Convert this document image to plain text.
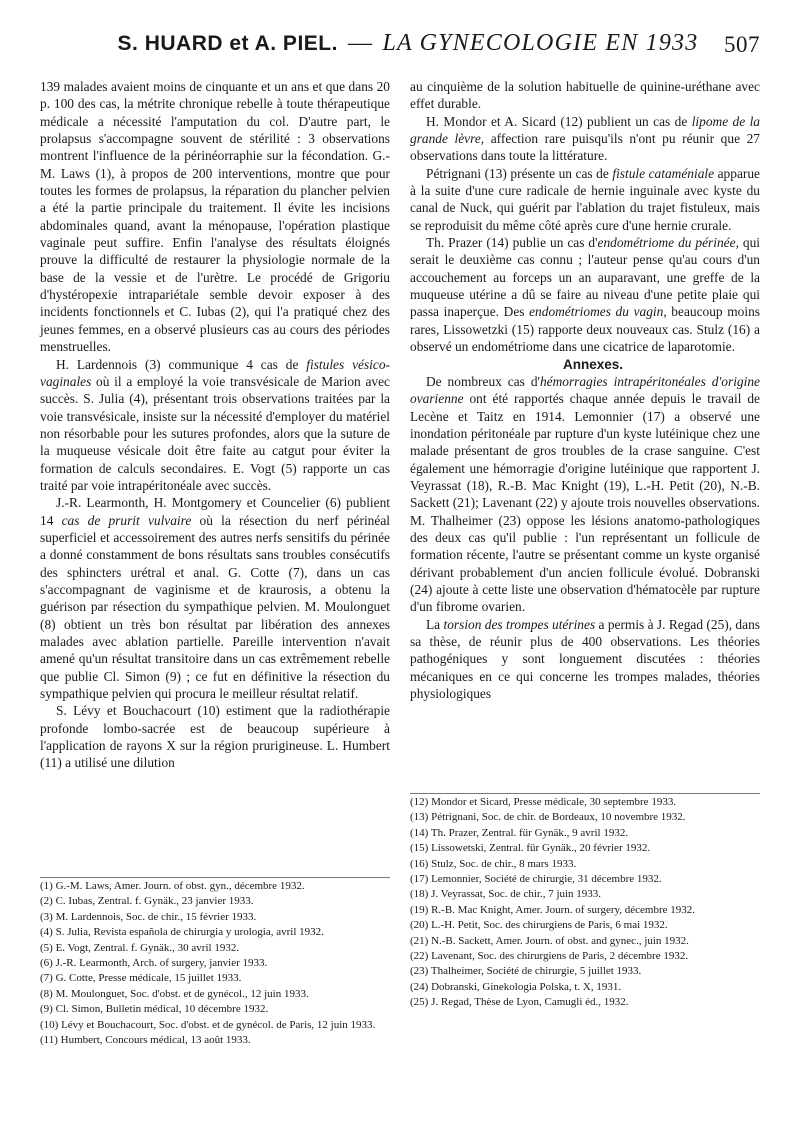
S. HUARD et A. PIEL. — LA GYNECOLOGIE EN 1933 507

139 malades avaient moins de cinquante et un ans et que dans 20 p. 100 des cas, la métrite chronique rebelle à toute thérapeutique médicale a nécessité l'amputation du col. D'autre part, le prolapsus s'accompagne souvent de stérilité : 3 observations montrent l'influence de la périnéorraphie sur la fécondation. G.-M. Laws (1), à propos de 200 interventions, montre que pour toutes les formes de prolapsus, la réparation du plancher pelvien a été la partie principale du traitement. Il évite les incisions abdominales quand, avant la ménopause, l'opération plastique vaginale peut suffire. Enfin l'analyse des résultats éloignés prouve la difficulté de restaurer la physiologie normale de la base de la vessie et de l'urètre. Le procédé de Grigoriu d'hystéropexie intrapariétale semble devoir exposer à des incidents fonctionnels et C. Iubas (2), qui l'a pratiqué chez des jeunes femmes, en a observé plusieurs cas au cours des périodes menstruelles.

H. Lardennois (3) communique 4 cas de fistules vésico-vaginales où il a employé la voie transvésicale de Marion avec succès. S. Julia (4), présentant trois observations traitées par la voie transvésicale, insiste sur la nécessité d'employer du matériel non résorbable pour les sutures profondes, alors que la suture de la muqueuse vésicale doit être faite au catgut pour éviter la formation de calculs secondaires. E. Vogt (5) rapporte un cas traité par voie intrapéritonéale avec succès.

J.-R. Learmonth, H. Montgomery et Councelier (6) publient 14 cas de prurit vulvaire où la résection du nerf périnéal superficiel et accessoirement des autres nerfs sensitifs du périnée a donné constamment de bons résultats sans troubles consécutifs des sphincters urétral et anal. G. Cotte (7), dans un cas s'accompagnant de vaginisme et de kraurosis, a obtenu la guérison par résection du sympathique pelvien. M. Moulonguet (8) obtient un très bon résultat par libération des annexes malades avec ablation partielle. Pareille intervention n'avait amené qu'un résultat transitoire dans un cas extrêmement rebelle que publie Cl. Simon (9) ; ce fut en définitive la résection du sympathique pelvien qui procura le meilleur résultat relatif.

S. Lévy et Bouchacourt (10) estiment que la radiothérapie profonde lombo-sacrée est de beaucoup supérieure à l'application de rayons X sur la région prurigineuse. L. Humbert (11) a utilisé une dilution

(1) G.-M. Laws, Amer. Journ. of obst. gyn., décembre 1932.
(2) C. Iubas, Zentral. f. Gynäk., 23 janvier 1933.
(3) M. Lardennois, Soc. de chir., 15 février 1933.
(4) S. Julia, Revista española de chirurgia y urologia, avril 1932.
(5) E. Vogt, Zentral. f. Gynäk., 30 avril 1932.
(6) J.-R. Learmonth, Arch. of surgery, janvier 1933.
(7) G. Cotte, Presse médicale, 15 juillet 1933.
(8) M. Moulonguet, Soc. d'obst. et de gynécol., 12 juin 1933.
(9) Cl. Simon, Bulletin médical, 10 décembre 1932.
(10) Lévy et Bouchacourt, Soc. d'obst. et de gynécol. de Paris, 12 juin 1933.
(11) Humbert, Concours médical, 13 août 1933.

au cinquième de la solution habituelle de quinine-uréthane avec effet durable.

H. Mondor et A. Sicard (12) publient un cas de lipome de la grande lèvre, affection rare puisqu'ils n'ont pu réunir que 27 observations dans toute la littérature.

Pétrignani (13) présente un cas de fistule cataméniale apparue à la suite d'une cure radicale de hernie inguinale avec kyste du canal de Nuck, qui guérit par l'ablation du trajet fistuleux, mais se reproduisit du même côté après cure d'une hernie crurale.

Th. Prazer (14) publie un cas d'endométriome du périnée, qui serait le deuxième cas connu ; l'auteur pense qu'au cours d'un accouchement au forceps un an auparavant, une greffe de la muqueuse utérine a dû se faire au niveau d'une petite plaie qui passa inaperçue. Des endométriomes du vagin, beaucoup moins rares, Lissowetzki (15) rapporte deux nouveaux cas. Stulz (16) a observé un endométriome dans une cicatrice de laparotomie.

Annexes.

De nombreux cas d'hémorragies intrapéritonéales d'origine ovarienne ont été rapportés chaque année depuis le travail de Lecène et Taitz en 1914. Lemonnier (17) a observé une inondation péritonéale par rupture d'un kyste lutéinique chez une malade présentant de gros troubles de la crase sanguine. C'est également une hémorragie d'origine lutéinique que rapportent J. Veyrassat (18), R.-B. Mac Knight (19), L.-H. Petit (20), N.-B. Sackett (21); Lavenant (22) y ajoute trois nouvelles observations. M. Thalheimer (23) oppose les lésions anatomo-pathologiques des deux cas qu'il publie : l'un représentant un follicule de formation récente, l'autre se présentant comme un kyste organisé dérivant probablement d'un ancien follicule évolué. Dobranski (24) ajoute à cette liste une observation d'hématocèle par rupture d'un fibrome ovarien.

La torsion des trompes utérines a permis à J. Regad (25), dans sa thèse, de réunir plus de 400 observations. Les théories pathogéniques y sont longuement discutées : théories mécaniques en ce qui concerne les trompes malades, théories physiologiques

(12) Mondor et Sicard, Presse médicale, 30 septembre 1933.
(13) Pétrignani, Soc. de chir. de Bordeaux, 10 novembre 1932.
(14) Th. Prazer, Zentral. für Gynäk., 9 avril 1932.
(15) Lissowetski, Zentral. für Gynäk., 20 février 1932.
(16) Stulz, Soc. de chir., 8 mars 1933.
(17) Lemonnier, Société de chirurgie, 31 décembre 1932.
(18) J. Veyrassat, Soc. de chir., 7 juin 1933.
(19) R.-B. Mac Knight, Amer. Journ. of surgery, décembre 1932.
(20) L.-H. Petit, Soc. des chirurgiens de Paris, 6 mai 1932.
(21) N.-B. Sackett, Amer. Journ. of obst. and gynec., juin 1932.
(22) Lavenant, Soc. des chirurgiens de Paris, 2 décembre 1932.
(23) Thalheimer, Société de chirurgie, 5 juillet 1933.
(24) Dobranski, Ginekologia Polska, t. X, 1931.
(25) J. Regad, Thèse de Lyon, Camugli éd., 1932.
